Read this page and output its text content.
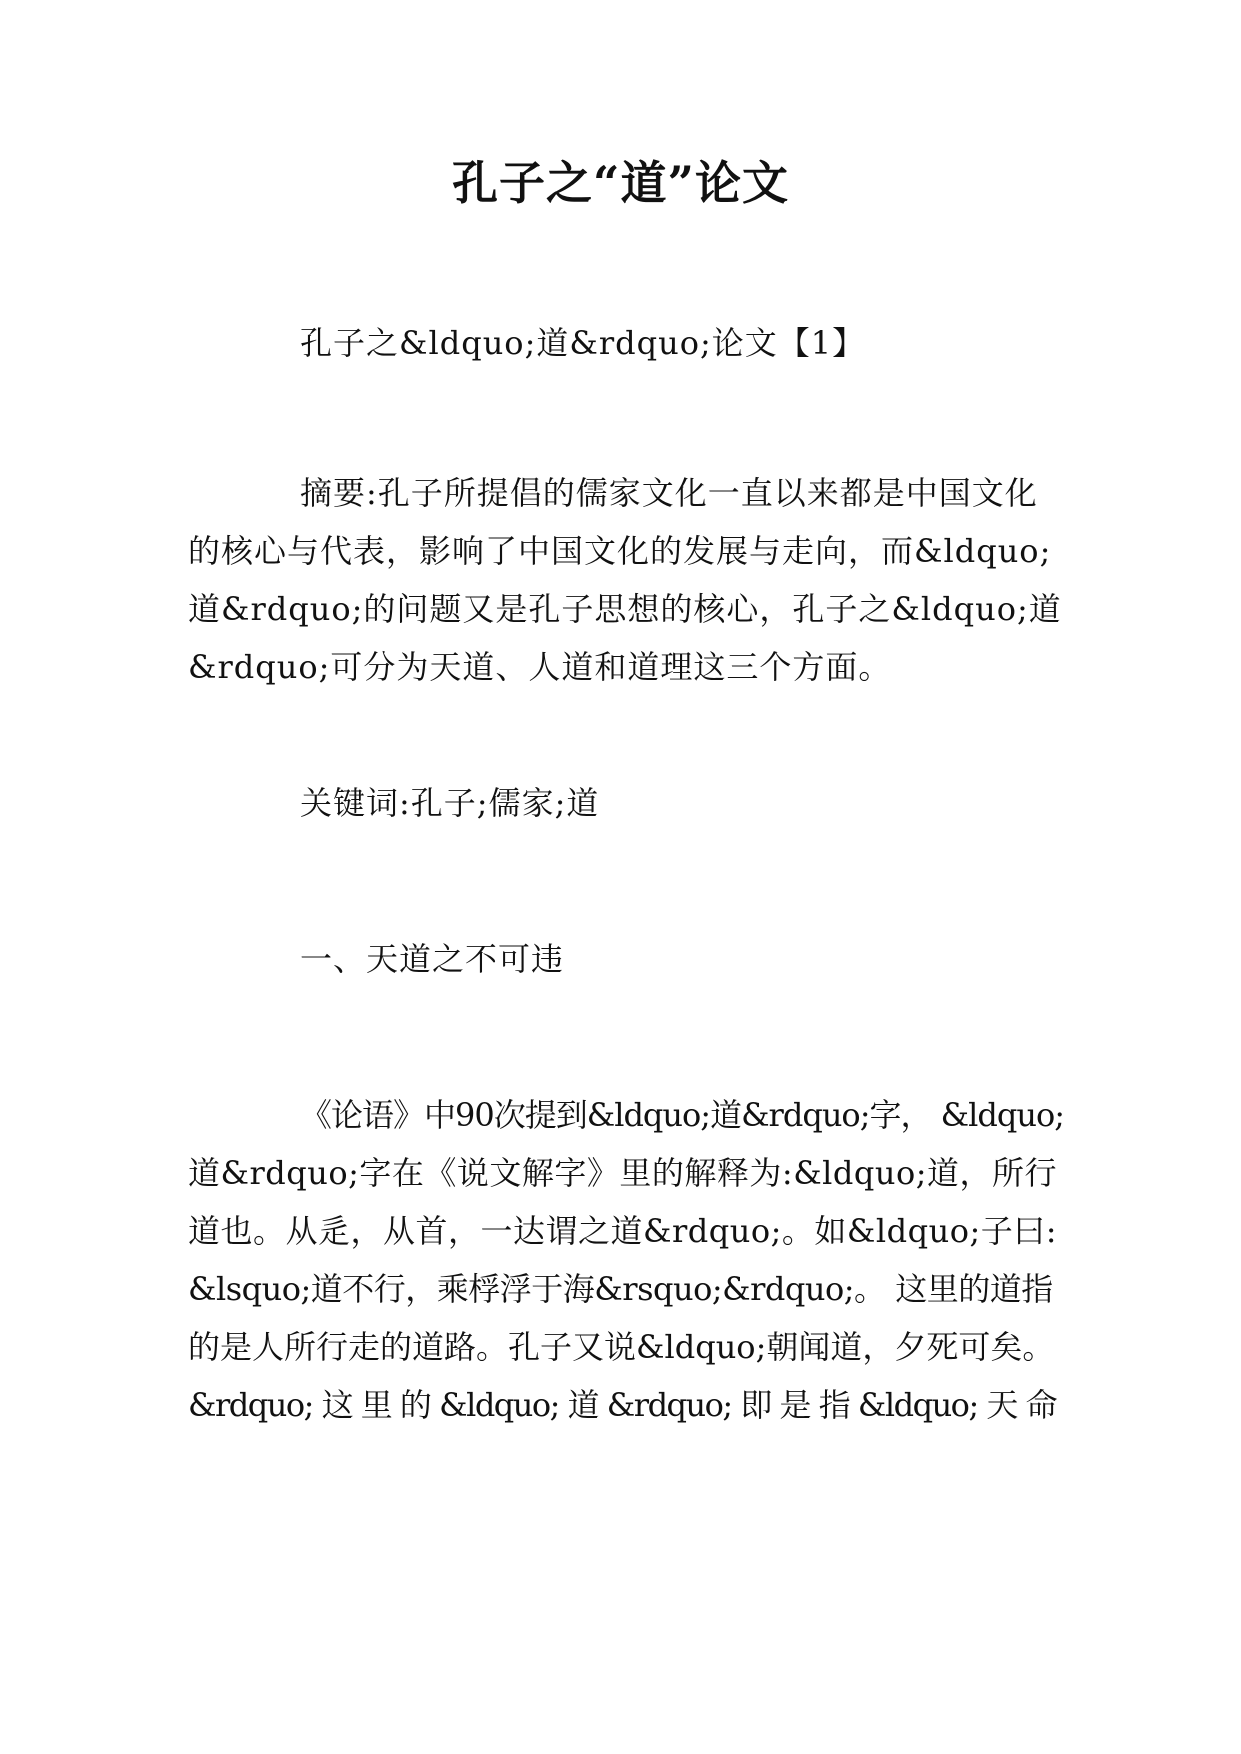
孔子之“道”论文
孔子之&ldquo;道&rdquo;论文【1】
摘要:孔子所提倡的儒家文化一直以来都是中国文化
的核心与代表，影响了中国文化的发展与走向，而&ldquo;
道&rdquo;的问题又是孔子思想的核心，孔子之&ldquo;道
&rdquo;可分为天道、人道和道理这三个方面。
关键词:孔子;儒家;道
一、天道之不可违
《论语》中90次提到&ldquo;道&rdquo;字， &ldquo;
道&rdquo;字在《说文解字》里的解释为:&ldquo;道，所行
道也。从辵，从首，一达谓之道&rdquo;。如&ldquo;子曰:
&lsquo;道不行，乘桴浮于海&rsquo;&rdquo;。 这里的道指
的是人所行走的道路。孔子又说&ldquo;朝闻道，夕死可矣。
&rdquo; 这 里 的 &ldquo; 道 &rdquo; 即 是 指 &ldquo; 天 命
